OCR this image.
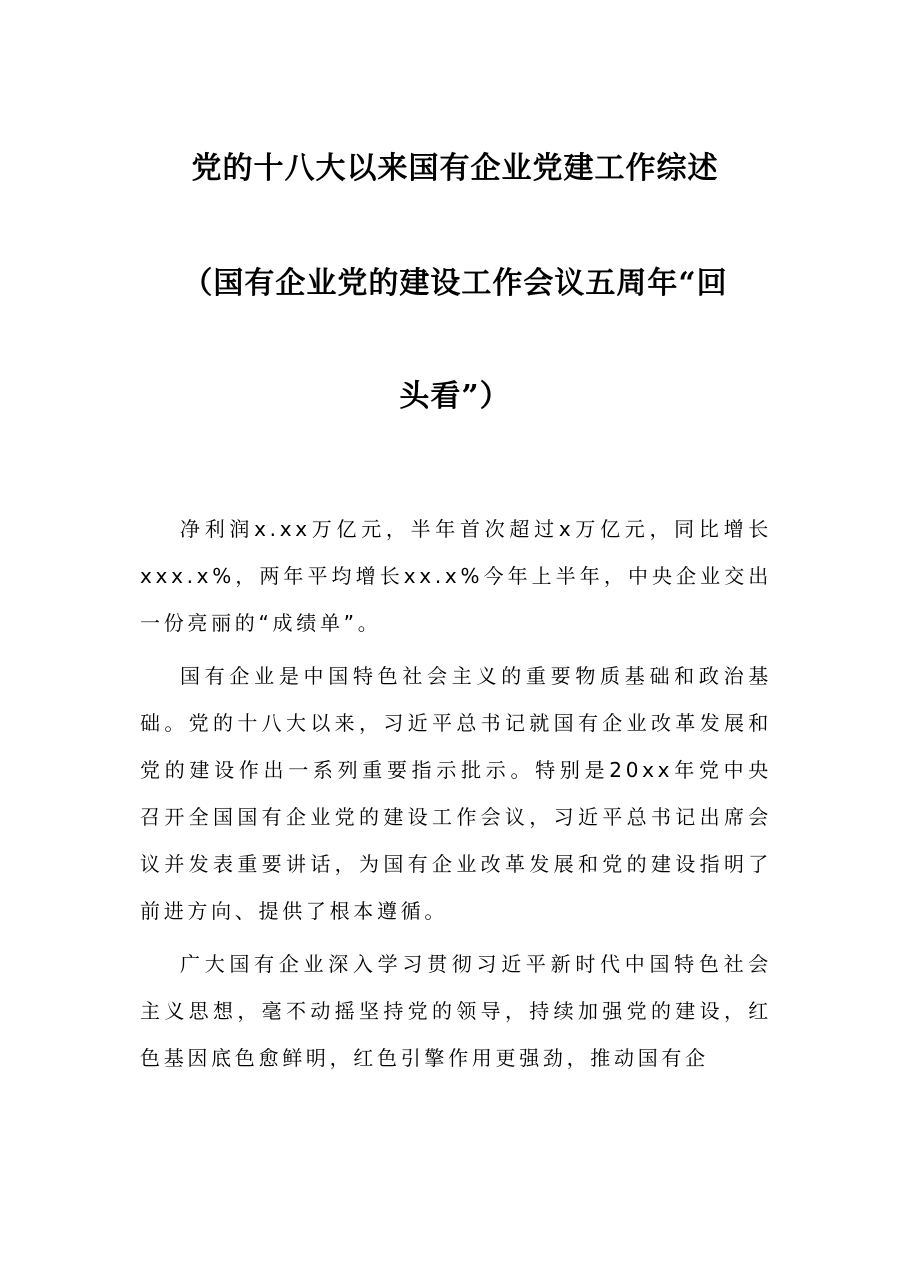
党的十八大以来国有企业党建工作综述

（国有企业党的建设工作会议五周年“回

头看”）

净利润x.xx万亿元，半年首次超过x万亿元，同比增长xxx.x%，两年平均增长xx.x%今年上半年，中央企业交出一份亮丽的“成绩单”。

国有企业是中国特色社会主义的重要物质基础和政治基础。党的十八大以来，习近平总书记就国有企业改革发展和党的建设作出一系列重要指示批示。特别是20xx年党中央召开全国国有企业党的建设工作会议，习近平总书记出席会议并发表重要讲话，为国有企业改革发展和党的建设指明了前进方向、提供了根本遵循。

广大国有企业深入学习贯彻习近平新时代中国特色社会主义思想，毫不动摇坚持党的领导，持续加强党的建设，红色基因底色愈鲜明，红色引擎作用更强劲，推动国有企
